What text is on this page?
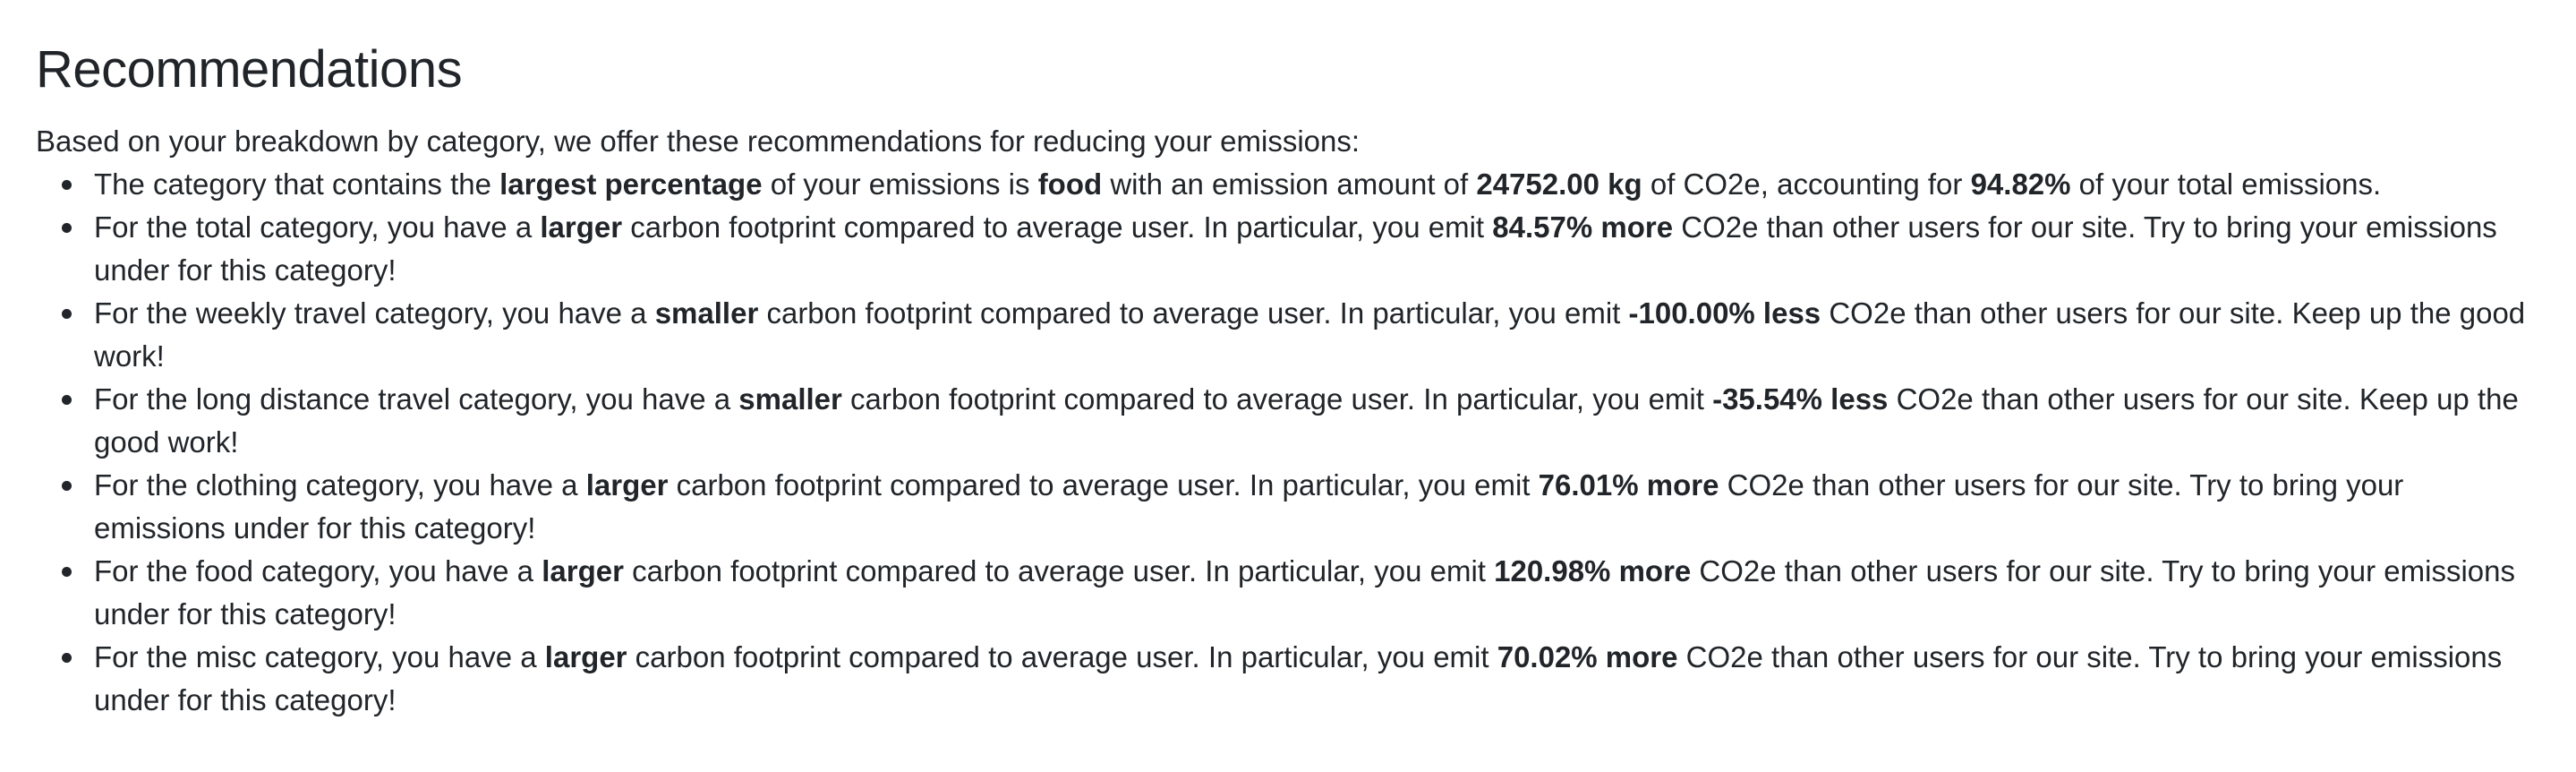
Recommendations

Based on your breakdown by category, we offer these recommendations for reducing your emissions:

The category that contains the largest percentage of your emissions is food with an emission amount of 24752.00 kg of CO2e, accounting for 94.82% of your total emissions.
For the total category, you have a larger carbon footprint compared to average user. In particular, you emit 84.57% more CO2e than other users for our site. Try to bring your emissions under for this category!
For the weekly travel category, you have a smaller carbon footprint compared to average user. In particular, you emit -100.00% less CO2e than other users for our site. Keep up the good work!
For the long distance travel category, you have a smaller carbon footprint compared to average user. In particular, you emit -35.54% less CO2e than other users for our site. Keep up the good work!
For the clothing category, you have a larger carbon footprint compared to average user. In particular, you emit 76.01% more CO2e than other users for our site. Try to bring your emissions under for this category!
For the food category, you have a larger carbon footprint compared to average user. In particular, you emit 120.98% more CO2e than other users for our site. Try to bring your emissions under for this category!
For the misc category, you have a larger carbon footprint compared to average user. In particular, you emit 70.02% more CO2e than other users for our site. Try to bring your emissions under for this category!
